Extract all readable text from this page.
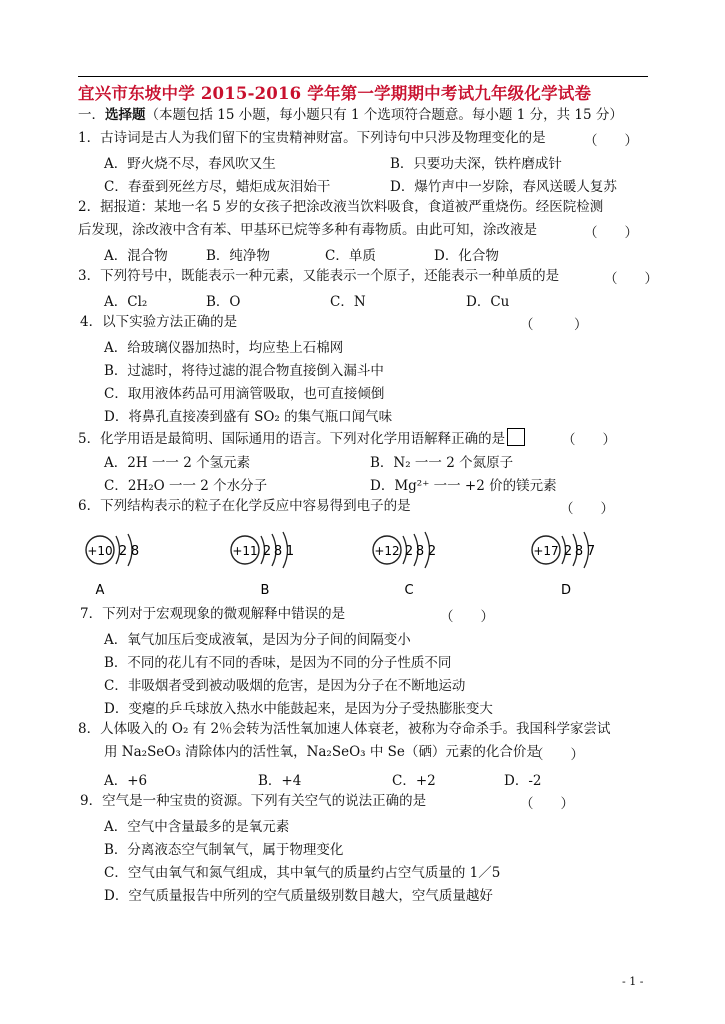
宜兴市东坡中学 2015-2016 学年第一学期期中考试九年级化学试卷
一．选择题（本题包括 15 小题，每小题只有 1 个选项符合题意。每小题 1 分，共 15 分）
1．古诗词是古人为我们留下的宝贵精神财富。下列诗句中只涉及物理变化的是	（　　）
A．野火烧不尽，春风吹又生	B．只要功夫深，铁杵磨成针
C．春蚕到死丝方尽，蜡炬成灰泪始干	D．爆竹声中一岁除，春风送暖人复苏
2．据报道：某地一名 5 岁的女孩子把涂改液当饮料吸食，食道被严重烧伤。经医院检测
后发现，涂改液中含有苯、甲基环已烷等多种有毒物质。由此可知，涂改液是	（　　）
A．混合物	B．纯净物	C．单质	D．化合物
3．下列符号中，既能表示一种元素，又能表示一个原子，还能表示一种单质的是	（　　）
A．Cl₂	B．O	C．N	D．Cu
4．以下实验方法正确的是	（　　　）
A．给玻璃仪器加热时，均应垫上石棉网
B．过滤时，将待过滤的混合物直接倒入漏斗中
C．取用液体药品可用滴管吸取，也可直接倾倒
D．将鼻孔直接凑到盛有 SO₂ 的集气瓶口闻气味
5．化学用语是最简明、国际通用的语言。下列对化学用语解释正确的是	（　　）
A．2H 一一 2 个氢元素	B．N₂ 一一 2 个氮原子
C．2H₂O 一一 2 个水分子	D．Mg²⁺ 一一 +2 价的镁元素
6．下列结构表示的粒子在化学反应中容易得到电子的是	（　　）
+10 2 8
A
+11 2 8 1
B
+12 2 8 2
C
+17 2 8 7
D
7．下列对于宏观现象的微观解释中错误的是	（　　）
A．氧气加压后变成液氧，是因为分子间的间隔变小
B．不同的花儿有不同的香味，是因为不同的分子性质不同
C．非吸烟者受到被动吸烟的危害，是因为分子在不断地运动
D．变瘪的乒乓球放入热水中能鼓起来，是因为分子受热膨胀变大
8．人体吸入的 O₂ 有 2％会转为活性氧加速人体衰老，被称为夺命杀手。我国科学家尝试
用 Na₂SeO₃ 清除体内的活性氧，Na₂SeO₃ 中 Se（硒）元素的化合价是
（　　）
A．+6	B．+4	C．+2	D．-2
9．空气是一种宝贵的资源。下列有关空气的说法正确的是	（　　）
A．空气中含量最多的是氧元素
B．分离液态空气制氧气，属于物理变化
C．空气由氧气和氮气组成，其中氧气的质量约占空气质量的 1／5
D．空气质量报告中所列的空气质量级别数目越大，空气质量越好
- 1 -
